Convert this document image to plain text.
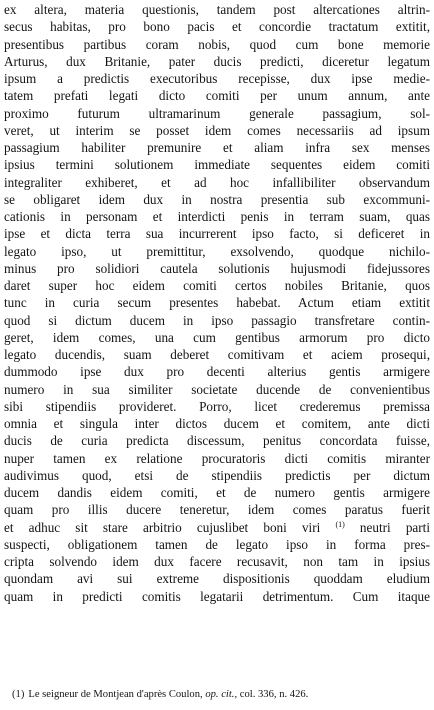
ex altera, materia questionis, tandem post altercationes altrin-
secus habitas, pro bono pacis et concordie tractatum extitit,
presentibus partibus coram nobis, quod cum bone memorie
Arturus, dux Britanie, pater ducis predicti, diceretur legatum
ipsum a predictis executoribus recepisse, dux ipse medie-
tatem prefati legati dicto comiti per unum annum, ante
proximo futurum ultramarinum generale passagium, sol-
veret, ut interim se posset idem comes necessariis ad ipsum
passagium habiliter premunire et aliam infra sex menses
ipsius termini solutionem immediate sequentes eidem comiti
integraliter exhiberet, et ad hoc infallibiliter observandum
se obligaret idem dux in nostra presentia sub excommuni-
cationis in personam et interdicti penis in terram suam, quas
ipse et dicta terra sua incurrerent ipso facto, si deficeret in
legato ipso, ut premittitur, exsolvendo, quodque nichilo-
minus pro solidiori cautela solutionis hujusmodi fidejussores
daret super hoc eidem comiti certos nobiles Britanie, quos
tunc in curia secum presentes habebat. Actum etiam extitit
quod si dictum ducem in ipso passagio transfretare contin-
geret, idem comes, una cum gentibus armorum pro dicto
legato ducendis, suam deberet comitivam et aciem prosequi,
dummodo ipse dux pro decenti alterius gentis armigere
numero in sua similiter societate ducende de convenientibus
sibi stipendiis provideret. Porro, licet crederemus premissa
omnia et singula inter dictos ducem et comitem, ante dicti
ducis de curia predicta discessum, penitus concordata fuisse,
nuper tamen ex relatione procuratoris dicti comitis miranter
audivimus quod, etsi de stipendiis predictis per dictum
ducem dandis eidem comiti, et de numero gentis armigere
quam pro illis ducere teneretur, idem comes paratus fuerit
et adhuc sit stare arbitrio cujuslibet boni viri $^{(1)}$ neutri parti
suspecti, obligationem tamen de legato ipso in forma pres-
cripta solvendo idem dux facere recusavit, non tam in ipsius
quondam avi sui extreme dispositionis quoddam eludium
quam in predicti comitis legatarii detrimentum. Cum itaque
(1) Le seigneur de Montjean d'après Coulon, op. cit., col. 336, n. 426.
